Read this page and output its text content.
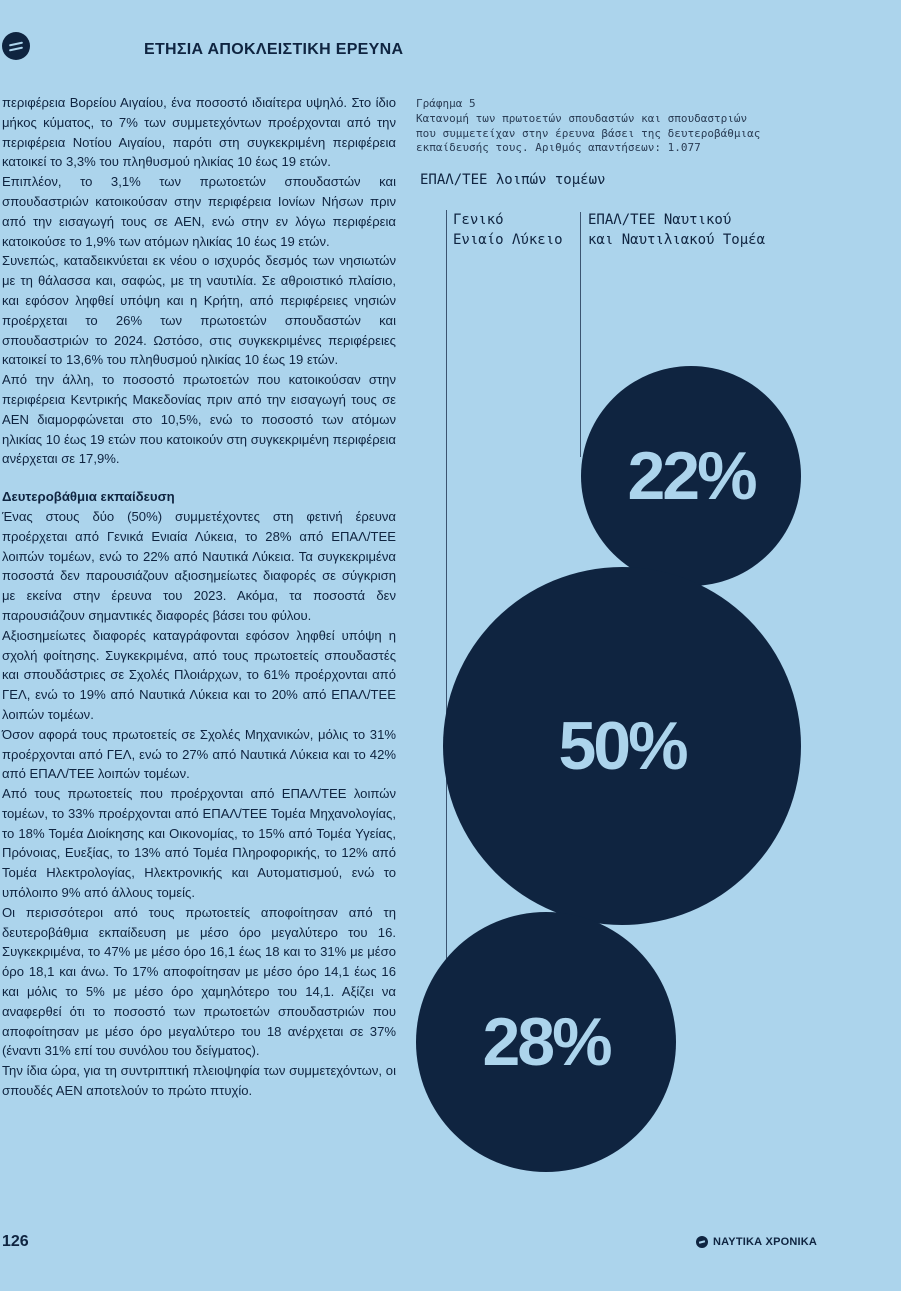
ΕΤΗΣΙΑ ΑΠΟΚΛΕΙΣΤΙΚΗ ΕΡΕΥΝΑ

περιφέρεια Βορείου Αιγαίου, ένα ποσοστό ιδιαίτερα υψηλό. Στο ίδιο μήκος κύματος, το 7% των συμμετεχόντων προέρχονται από την περιφέρεια Νοτίου Αιγαίου, παρότι στη συγκεκριμένη περιφέρεια κατοικεί το 3,3% του πληθυσμού ηλικίας 10 έως 19 ετών.

Επιπλέον, το 3,1% των πρωτοετών σπουδαστών και σπουδαστριών κατοικούσαν στην περιφέρεια Ιονίων Νήσων πριν από την εισαγωγή τους σε ΑΕΝ, ενώ στην εν λόγω περιφέρεια κατοικούσε το 1,9% των ατόμων ηλικίας 10 έως 19 ετών.

Συνεπώς, καταδεικνύεται εκ νέου ο ισχυρός δεσμός των νησιωτών με τη θάλασσα και, σαφώς, με τη ναυτιλία. Σε αθροιστικό πλαίσιο, και εφόσον ληφθεί υπόψη και η Κρήτη, από περιφέρειες νησιών προέρχεται το 26% των πρωτοετών σπουδαστών και σπουδαστριών το 2024. Ωστόσο, στις συγκεκριμένες περιφέρειες κατοικεί το 13,6% του πληθυσμού ηλικίας 10 έως 19 ετών.

Από την άλλη, το ποσοστό πρωτοετών που κατοικούσαν στην περιφέρεια Κεντρικής Μακεδονίας πριν από την εισαγωγή τους σε ΑΕΝ διαμορφώνεται στο 10,5%, ενώ το ποσοστό των ατόμων ηλικίας 10 έως 19 ετών που κατοικούν στη συγκεκριμένη περιφέρεια ανέρχεται σε 17,9%.

Δευτεροβάθμια εκπαίδευση

Ένας στους δύο (50%) συμμετέχοντες στη φετινή έρευνα προέρχεται από Γενικά Ενιαία Λύκεια, το 28% από ΕΠΑΛ/ΤΕΕ λοιπών τομέων, ενώ το 22% από Ναυτικά Λύκεια. Τα συγκεκριμένα ποσοστά δεν παρουσιάζουν αξιοσημείωτες διαφορές σε σύγκριση με εκείνα στην έρευνα του 2023. Ακόμα, τα ποσοστά δεν παρουσιάζουν σημαντικές διαφορές βάσει του φύλου.

Αξιοσημείωτες διαφορές καταγράφονται εφόσον ληφθεί υπόψη η σχολή φοίτησης. Συγκεκριμένα, από τους πρωτοετείς σπουδαστές και σπουδάστριες σε Σχολές Πλοιάρχων, το 61% προέρχονται από ΓΕΛ, ενώ το 19% από Ναυτικά Λύκεια και το 20% από ΕΠΑΛ/ΤΕΕ λοιπών τομέων.

Όσον αφορά τους πρωτοετείς σε Σχολές Μηχανικών, μόλις το 31% προέρχονται από ΓΕΛ, ενώ το 27% από Ναυτικά Λύκεια και το 42% από ΕΠΑΛ/ΤΕΕ λοιπών τομέων.

Από τους πρωτοετείς που προέρχονται από ΕΠΑΛ/ΤΕΕ λοιπών τομέων, το 33% προέρχονται από ΕΠΑΛ/ΤΕΕ Τομέα Μηχανολογίας, το 18% Τομέα Διοίκησης και Οικονομίας, το 15% από Τομέα Υγείας, Πρόνοιας, Ευεξίας, το 13% από Τομέα Πληροφορικής, το 12% από Τομέα Ηλεκτρολογίας, Ηλεκτρονικής και Αυτοματισμού, ενώ το υπόλοιπο 9% από άλλους τομείς.

Οι περισσότεροι από τους πρωτοετείς αποφοίτησαν από τη δευτεροβάθμια εκπαίδευση με μέσο όρο μεγαλύτερο του 16. Συγκεκριμένα, το 47% με μέσο όρο 16,1 έως 18 και το 31% με μέσο όρο 18,1 και άνω. Το 17% αποφοίτησαν με μέσο όρο 14,1 έως 16 και μόλις το 5% με μέσο όρο χαμηλότερο του 14,1. Αξίζει να αναφερθεί ότι το ποσοστό των πρωτοετών σπουδαστριών που αποφοίτησαν με μέσο όρο μεγαλύτερο του 18 ανέρχεται σε 37% (έναντι 31% επί του συνόλου του δείγματος).

Την ίδια ώρα, για τη συντριπτική πλειοψηφία των συμμετεχόντων, οι σπουδές ΑΕΝ αποτελούν το πρώτο πτυχίο.

Γράφημα 5
Κατανομή των πρωτοετών σπουδαστών και σπουδαστριών
που συμμετείχαν στην έρευνα βάσει της δευτεροβάθμιας
εκπαίδευσής τους. Αριθμός απαντήσεων: 1.077
ΕΠΑΛ/ΤΕΕ λοιπών τομέων
Γενικό
Ενιαίο Λύκειο
ΕΠΑΛ/ΤΕΕ Ναυτικού
και Ναυτιλιακού Τομέα
22%
50%
28%
126	ΝΑΥΤΙΚΑ ΧΡΟΝΙΚΑ
